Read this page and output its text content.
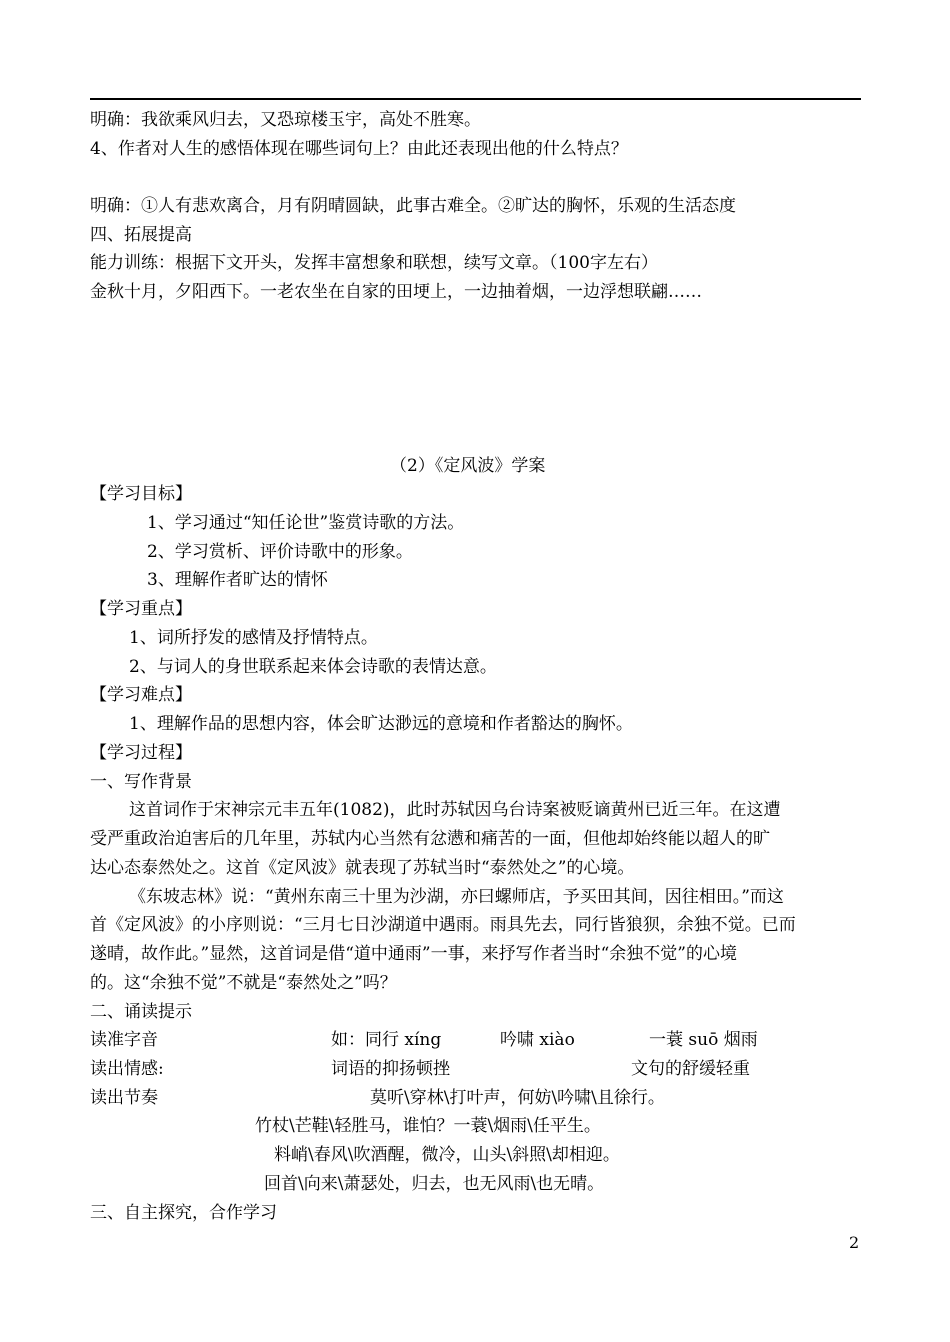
明确：我欲乘风归去，又恐琼楼玉宇，高处不胜寒。
4、作者对人生的感悟体现在哪些词句上？由此还表现出他的什么特点？
明确：①人有悲欢离合，月有阴晴圆缺，此事古难全。②旷达的胸怀，乐观的生活态度
四、拓展提高
能力训练：根据下文开头，发挥丰富想象和联想，续写文章。（100字左右）
金秋十月，夕阳西下。一老农坐在自家的田埂上，一边抽着烟，一边浮想联翩……
（2）《定风波》学案
【学习目标】
1、学习通过“知任论世”鉴赏诗歌的方法。
2、学习赏析、评价诗歌中的形象。
3、理解作者旷达的情怀
【学习重点】
1、词所抒发的感情及抒情特点。
2、与词人的身世联系起来体会诗歌的表情达意。
【学习难点】
1、理解作品的思想内容，体会旷达渺远的意境和作者豁达的胸怀。
【学习过程】
一、写作背景
这首词作于宋神宗元丰五年(1082)，此时苏轼因乌台诗案被贬谪黄州已近三年。在这遭
受严重政治迫害后的几年里，苏轼内心当然有忿懑和痛苦的一面，但他却始终能以超人的旷
达心态泰然处之。这首《定风波》就表现了苏轼当时“泰然处之”的心境。
《东坡志林》说：“黄州东南三十里为沙湖，亦曰螺师店，予买田其间，因往相田。”而这
首《定风波》的小序则说：“三月七日沙湖道中遇雨。雨具先去，同行皆狼狈，余独不觉。已而
遂晴，故作此。”显然，这首词是借“道中通雨”一事，来抒写作者当时“余独不觉”的心境
的。这“余独不觉”不就是“泰然处之”吗？
二、诵读提示
读准字音	如：同行 xíng	吟啸 xiào	一蓑 suō 烟雨
读出情感:	词语的抑扬顿挫	文句的舒缓轻重
读出节奏	莫听\穿林\打叶声，何妨\吟啸\且徐行。
竹杖\芒鞋\轻胜马，谁怕？一蓑\烟雨\任平生。
料峭\春风\吹酒醒，微冷，山头\斜照\却相迎。
回首\向来\萧瑟处，归去，也无风雨\也无晴。
三、自主探究，合作学习
2
